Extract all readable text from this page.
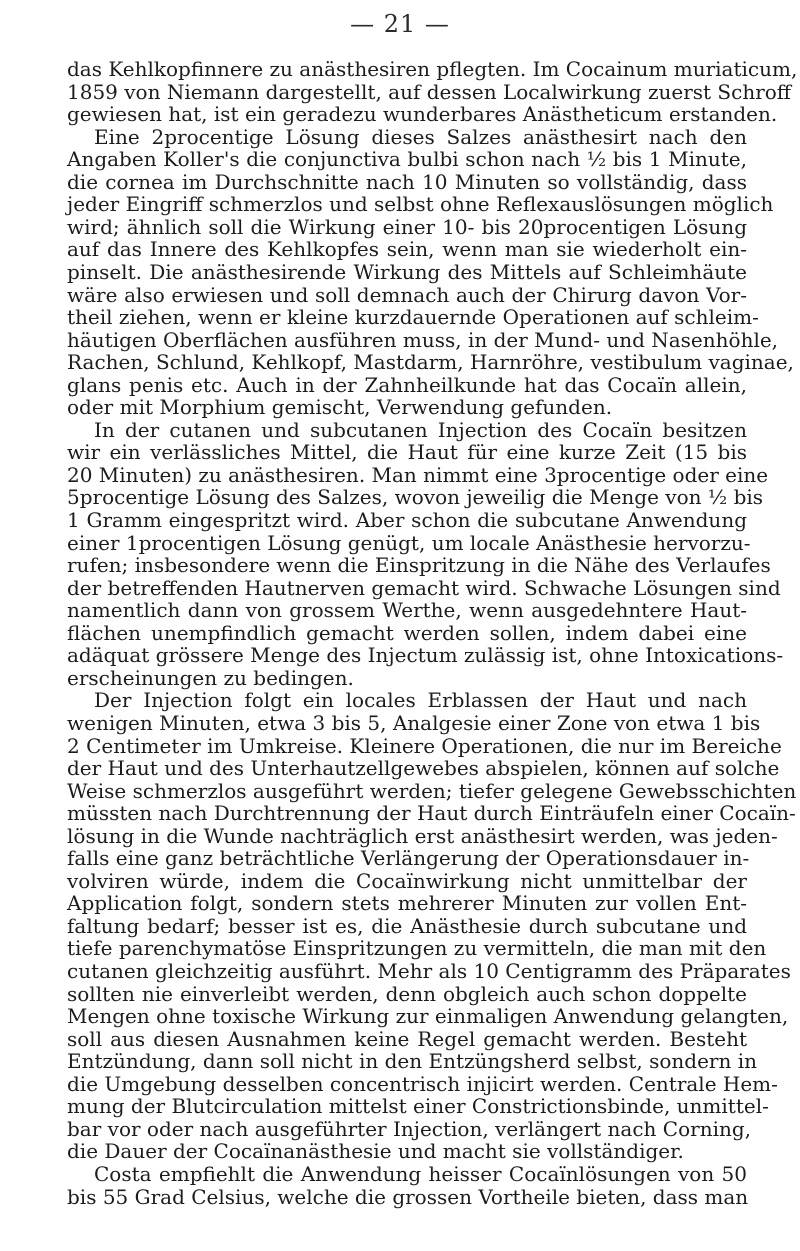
— 21 —
das Kehlkopfinnere zu anästhesiren pflegten. Im Cocainum muriaticum,
1859 von Niemann dargestellt, auf dessen Localwirkung zuerst Schroff
gewiesen hat, ist ein geradezu wunderbares Anästheticum erstanden.
Eine 2procentige Lösung dieses Salzes anästhesirt nach den
Angaben Koller's die conjunctiva bulbi schon nach ½ bis 1 Minute,
die cornea im Durchschnitte nach 10 Minuten so vollständig, dass
jeder Eingriff schmerzlos und selbst ohne Reflexauslösungen möglich
wird; ähnlich soll die Wirkung einer 10- bis 20procentigen Lösung
auf das Innere des Kehlkopfes sein, wenn man sie wiederholt ein-
pinselt. Die anästhesirende Wirkung des Mittels auf Schleimhäute
wäre also erwiesen und soll demnach auch der Chirurg davon Vor-
theil ziehen, wenn er kleine kurzdauernde Operationen auf schleim-
häutigen Oberflächen ausführen muss, in der Mund- und Nasenhöhle,
Rachen, Schlund, Kehlkopf, Mastdarm, Harnröhre, vestibulum vaginae,
glans penis etc. Auch in der Zahnheilkunde hat das Cocaïn allein,
oder mit Morphium gemischt, Verwendung gefunden.
In der cutanen und subcutanen Injection des Cocaïn besitzen
wir ein verlässliches Mittel, die Haut für eine kurze Zeit (15 bis
20 Minuten) zu anästhesiren. Man nimmt eine 3procentige oder eine
5procentige Lösung des Salzes, wovon jeweilig die Menge von ½ bis
1 Gramm eingespritzt wird. Aber schon die subcutane Anwendung
einer 1procentigen Lösung genügt, um locale Anästhesie hervorzu-
rufen; insbesondere wenn die Einspritzung in die Nähe des Verlaufes
der betreffenden Hautnerven gemacht wird. Schwache Lösungen sind
namentlich dann von grossem Werthe, wenn ausgedehntere Haut-
flächen unempfindlich gemacht werden sollen, indem dabei eine
adäquat grössere Menge des Injectum zulässig ist, ohne Intoxications-
erscheinungen zu bedingen.
Der Injection folgt ein locales Erblassen der Haut und nach
wenigen Minuten, etwa 3 bis 5, Analgesie einer Zone von etwa 1 bis
2 Centimeter im Umkreise. Kleinere Operationen, die nur im Bereiche
der Haut und des Unterhautzellgewebes abspielen, können auf solche
Weise schmerzlos ausgeführt werden; tiefer gelegene Gewebsschichten
müssten nach Durchtrennung der Haut durch Einträufeln einer Cocaïn-
lösung in die Wunde nachträglich erst anästhesirt werden, was jeden-
falls eine ganz beträchtliche Verlängerung der Operationsdauer in-
volviren würde, indem die Cocaïnwirkung nicht unmittelbar der
Application folgt, sondern stets mehrerer Minuten zur vollen Ent-
faltung bedarf; besser ist es, die Anästhesie durch subcutane und
tiefe parenchymatöse Einspritzungen zu vermitteln, die man mit den
cutanen gleichzeitig ausführt. Mehr als 10 Centigramm des Präparates
sollten nie einverleibt werden, denn obgleich auch schon doppelte
Mengen ohne toxische Wirkung zur einmaligen Anwendung gelangten,
soll aus diesen Ausnahmen keine Regel gemacht werden. Besteht
Entzündung, dann soll nicht in den Entzüngsherd selbst, sondern in
die Umgebung desselben concentrisch injicirt werden. Centrale Hem-
mung der Blutcirculation mittelst einer Constrictionsbinde, unmittel-
bar vor oder nach ausgeführter Injection, verlängert nach Corning,
die Dauer der Cocaïnanästhesie und macht sie vollständiger.
Costa empfiehlt die Anwendung heisser Cocaïnlösungen von 50
bis 55 Grad Celsius, welche die grossen Vortheile bieten, dass man
